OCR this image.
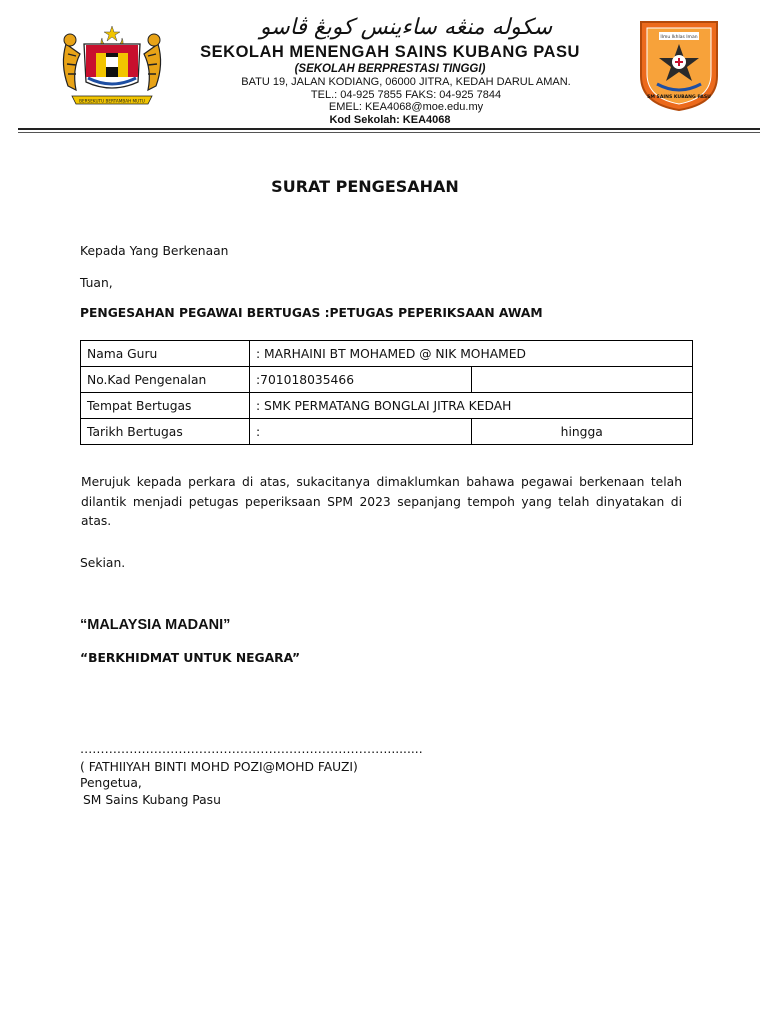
BERSEKUTU BERTAMBAH MUTU
سكوله منڠه ساءينس كوبڠ ڤاسو
SEKOLAH MENENGAH SAINS KUBANG PASU
(SEKOLAH BERPRESTASI TINGGI)
BATU 19, JALAN KODIANG, 06000 JITRA, KEDAH DARUL AMAN.
TEL.: 04-925 7855 FAKS: 04-925 7844
EMEL: KEA4068@moe.edu.my
Kod Sekolah: KEA4068
Ilmu Ikhlas Iman
SM SAINS KUBANG PASU
SURAT PENGESAHAN
Kepada Yang Berkenaan
Tuan,
PENGESAHAN PEGAWAI BERTUGAS :PETUGAS PEPERIKSAAN AWAM
Nama Guru	: MARHAINI BT MOHAMED @ NIK MOHAMED	
No.Kad Pengenalan	:701018035466	
Tempat Bertugas	: SMK PERMATANG BONGLAI JITRA KEDAH	
Tarikh Bertugas	:	hingga
Merujuk kepada perkara di atas, sukacitanya dimaklumkan bahawa pegawai berkenaan telah dilantik menjadi petugas peperiksaan SPM 2023 sepanjang tempoh yang telah dinyatakan di atas.
Sekian.
“MALAYSIA MADANI”
“BERKHIDMAT UNTUK NEGARA”
………………………………………………………………….........
( FATHIIYAH BINTI MOHD POZI@MOHD FAUZI)
Pengetua,
SM Sains Kubang Pasu
